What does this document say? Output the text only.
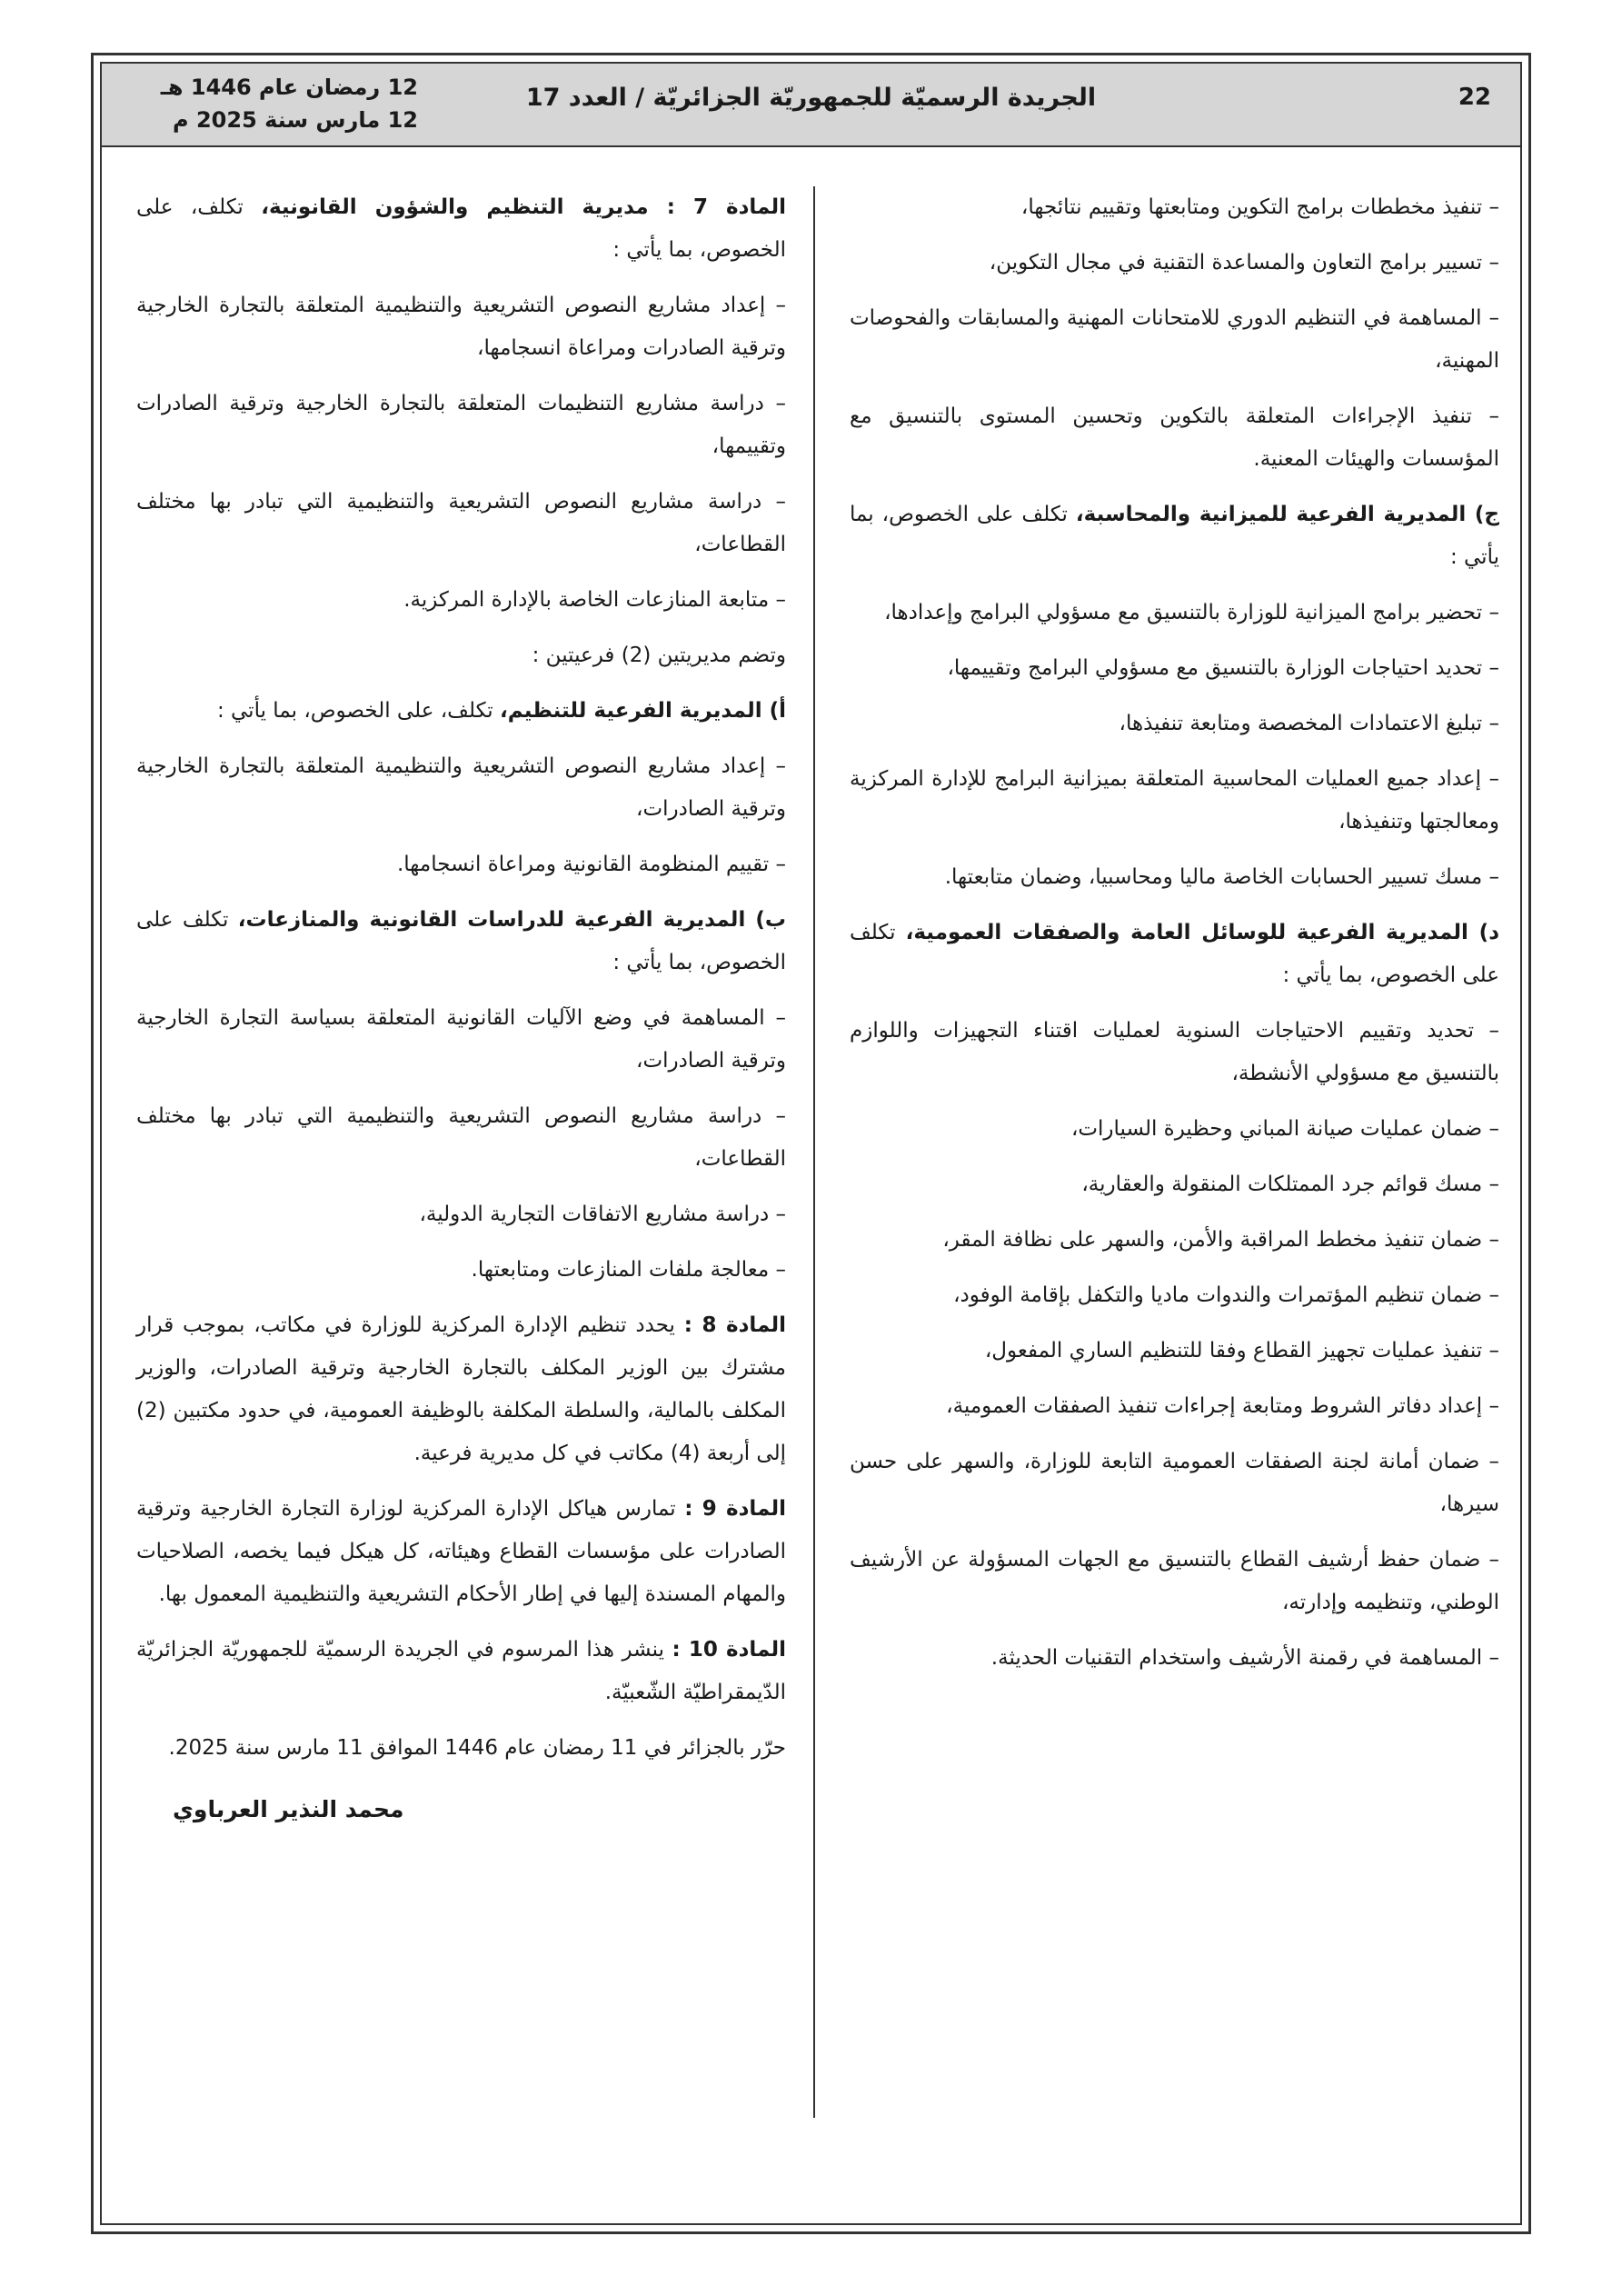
22
الجريدة الرسميّة للجمهوريّة الجزائريّة / العدد 17
12 رمضان عام 1446 هـ
12 مارس سنة 2025 م

– تنفيذ مخططات برامج التكوين ومتابعتها وتقييم نتائجها،

– تسيير برامج التعاون والمساعدة التقنية في مجال التكوين،

– المساهمة في التنظيم الدوري للامتحانات المهنية والمسابقات والفحوصات المهنية،

– تنفيذ الإجراءات المتعلقة بالتكوين وتحسين المستوى بالتنسيق مع المؤسسات والهيئات المعنية.

ج) المديرية الفرعية للميزانية والمحاسبة، تكلف على الخصوص، بما يأتي :

– تحضير برامج الميزانية للوزارة بالتنسيق مع مسؤولي البرامج وإعدادها،

– تحديد احتياجات الوزارة بالتنسيق مع مسؤولي البرامج وتقييمها،

– تبليغ الاعتمادات المخصصة ومتابعة تنفيذها،

– إعداد جميع العمليات المحاسبية المتعلقة بميزانية البرامج للإدارة المركزية ومعالجتها وتنفيذها،

– مسك تسيير الحسابات الخاصة ماليا ومحاسبيا، وضمان متابعتها.

د) المديرية الفرعية للوسائل العامة والصفقات العمومية، تكلف على الخصوص، بما يأتي :

– تحديد وتقييم الاحتياجات السنوية لعمليات اقتناء التجهيزات واللوازم بالتنسيق مع مسؤولي الأنشطة،

– ضمان عمليات صيانة المباني وحظيرة السيارات،

– مسك قوائم جرد الممتلكات المنقولة والعقارية،

– ضمان تنفيذ مخطط المراقبة والأمن، والسهر على نظافة المقر،

– ضمان تنظيم المؤتمرات والندوات ماديا والتكفل بإقامة الوفود،

– تنفيذ عمليات تجهيز القطاع وفقا للتنظيم الساري المفعول،

– إعداد دفاتر الشروط ومتابعة إجراءات تنفيذ الصفقات العمومية،

– ضمان أمانة لجنة الصفقات العمومية التابعة للوزارة، والسهر على حسن سيرها،

– ضمان حفظ أرشيف القطاع بالتنسيق مع الجهات المسؤولة عن الأرشيف الوطني، وتنظيمه وإدارته،

– المساهمة في رقمنة الأرشيف واستخدام التقنيات الحديثة.

المادة 7 : مديرية التنظيم والشؤون القانونية، تكلف، على الخصوص، بما يأتي :

– إعداد مشاريع النصوص التشريعية والتنظيمية المتعلقة بالتجارة الخارجية وترقية الصادرات ومراعاة انسجامها،

– دراسة مشاريع التنظيمات المتعلقة بالتجارة الخارجية وترقية الصادرات وتقييمها،

– دراسة مشاريع النصوص التشريعية والتنظيمية التي تبادر بها مختلف القطاعات،

– متابعة المنازعات الخاصة بالإدارة المركزية.

وتضم مديريتين (2) فرعيتين :

أ) المديرية الفرعية للتنظيم، تكلف، على الخصوص، بما يأتي :

– إعداد مشاريع النصوص التشريعية والتنظيمية المتعلقة بالتجارة الخارجية وترقية الصادرات،

– تقييم المنظومة القانونية ومراعاة انسجامها.

ب) المديرية الفرعية للدراسات القانونية والمنازعات، تكلف على الخصوص، بما يأتي :

– المساهمة في وضع الآليات القانونية المتعلقة بسياسة التجارة الخارجية وترقية الصادرات،

– دراسة مشاريع النصوص التشريعية والتنظيمية التي تبادر بها مختلف القطاعات،

– دراسة مشاريع الاتفاقات التجارية الدولية،

– معالجة ملفات المنازعات ومتابعتها.

المادة 8 : يحدد تنظيم الإدارة المركزية للوزارة في مكاتب، بموجب قرار مشترك بين الوزير المكلف بالتجارة الخارجية وترقية الصادرات، والوزير المكلف بالمالية، والسلطة المكلفة بالوظيفة العمومية، في حدود مكتبين (2) إلى أربعة (4) مكاتب في كل مديرية فرعية.

المادة 9 : تمارس هياكل الإدارة المركزية لوزارة التجارة الخارجية وترقية الصادرات على مؤسسات القطاع وهيئاته، كل هيكل فيما يخصه، الصلاحيات والمهام المسندة إليها في إطار الأحكام التشريعية والتنظيمية المعمول بها.

المادة 10 : ينشر هذا المرسوم في الجريدة الرسميّة للجمهوريّة الجزائريّة الدّيمقراطيّة الشّعبيّة.

حرّر بالجزائر في 11 رمضان عام 1446 الموافق 11 مارس سنة 2025.

محمد النذير العرباوي
